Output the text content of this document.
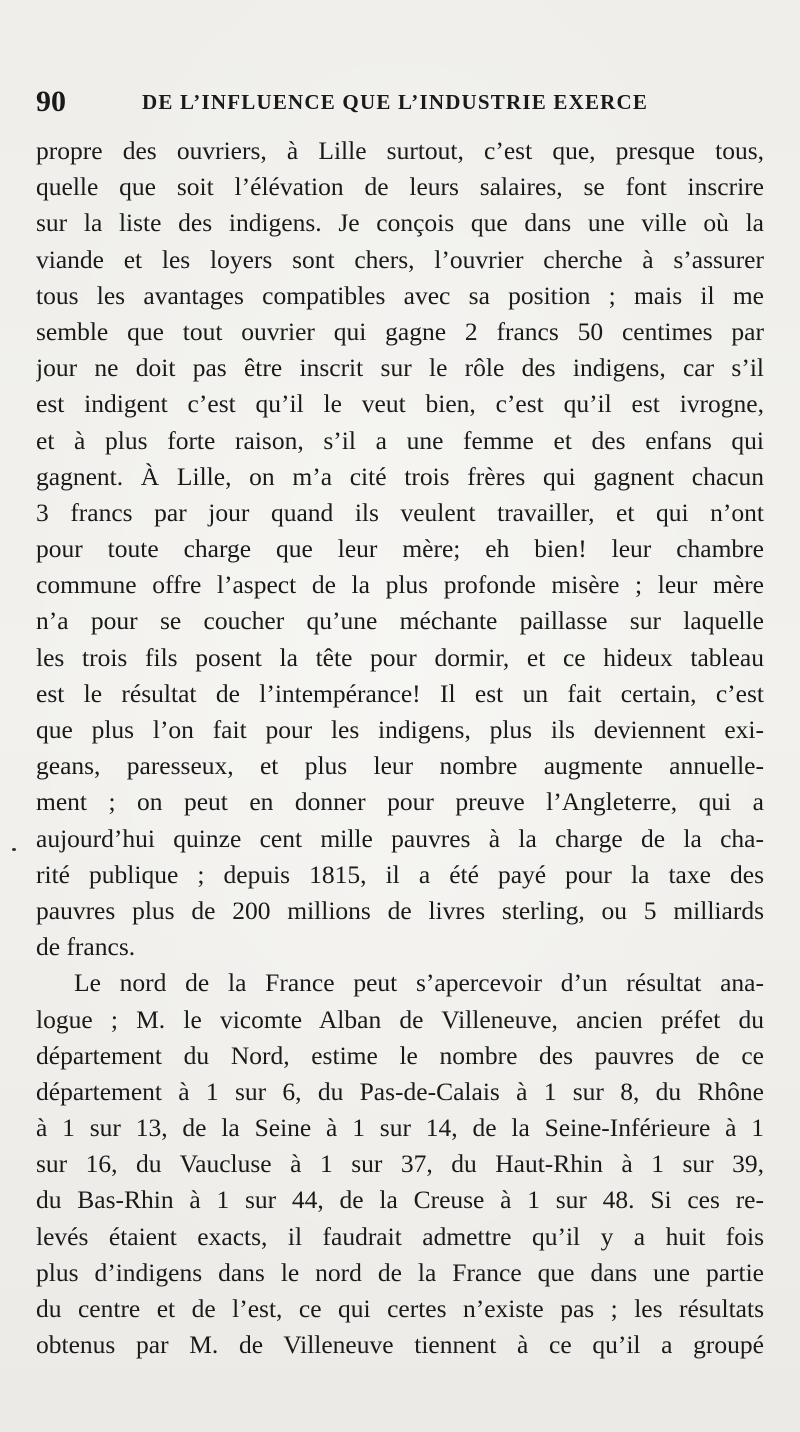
90	DE L’INFLUENCE QUE L’INDUSTRIE EXERCE
propre des ouvriers, à Lille surtout, c’est que, presque tous,
quelle que soit l’élévation de leurs salaires, se font inscrire
sur la liste des indigens. Je conçois que dans une ville où la
viande et les loyers sont chers, l’ouvrier cherche à s’assurer
tous les avantages compatibles avec sa position ; mais il me
semble que tout ouvrier qui gagne 2 francs 50 centimes par
jour ne doit pas être inscrit sur le rôle des indigens, car s’il
est indigent c’est qu’il le veut bien, c’est qu’il est ivrogne,
et à plus forte raison, s’il a une femme et des enfans qui
gagnent. À Lille, on m’a cité trois frères qui gagnent chacun
3 francs par jour quand ils veulent travailler, et qui n’ont
pour toute charge que leur mère; eh bien! leur chambre
commune offre l’aspect de la plus profonde misère ; leur mère
n’a pour se coucher qu’une méchante paillasse sur laquelle
les trois fils posent la tête pour dormir, et ce hideux tableau
est le résultat de l’intempérance! Il est un fait certain, c’est
que plus l’on fait pour les indigens, plus ils deviennent exi-
geans, paresseux, et plus leur nombre augmente annuelle-
ment ; on peut en donner pour preuve l’Angleterre, qui a
aujourd’hui quinze cent mille pauvres à la charge de la cha-
rité publique ; depuis 1815, il a été payé pour la taxe des
pauvres plus de 200 millions de livres sterling, ou 5 milliards
de francs.
Le nord de la France peut s’apercevoir d’un résultat ana-
logue ; M. le vicomte Alban de Villeneuve, ancien préfet du
département du Nord, estime le nombre des pauvres de ce
département à 1 sur 6, du Pas-de-Calais à 1 sur 8, du Rhône
à 1 sur 13, de la Seine à 1 sur 14, de la Seine-Inférieure à 1
sur 16, du Vaucluse à 1 sur 37, du Haut-Rhin à 1 sur 39,
du Bas-Rhin à 1 sur 44, de la Creuse à 1 sur 48. Si ces re-
levés étaient exacts, il faudrait admettre qu’il y a huit fois
plus d’indigens dans le nord de la France que dans une partie
du centre et de l’est, ce qui certes n’existe pas ; les résultats
obtenus par M. de Villeneuve tiennent à ce qu’il a groupé
